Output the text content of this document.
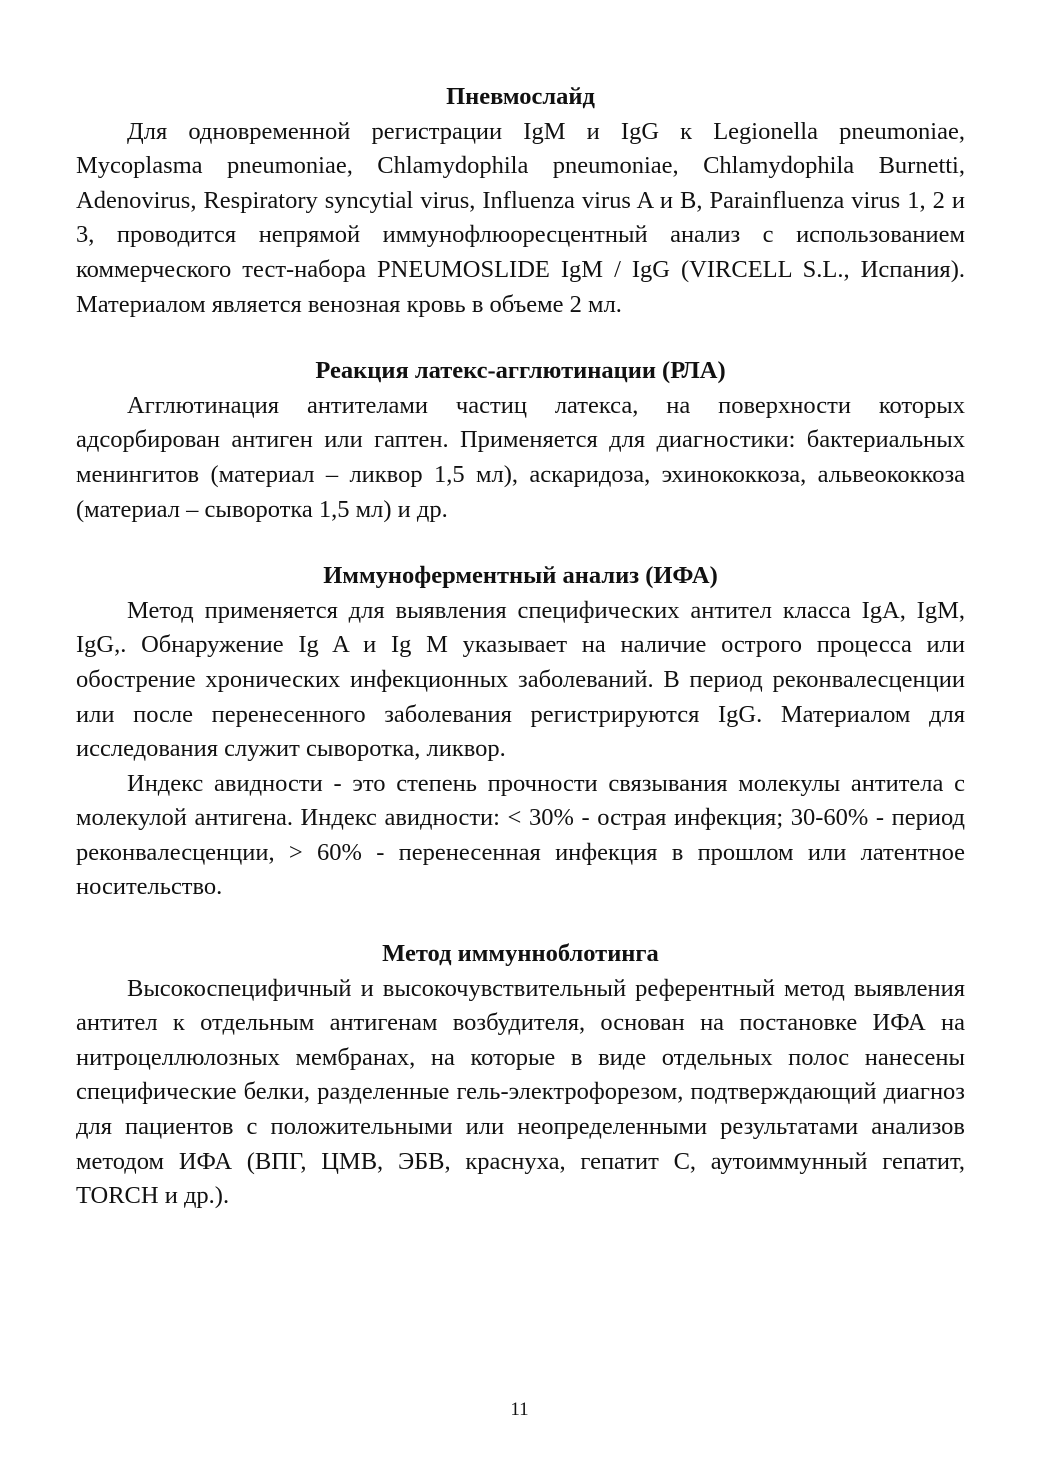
Пневмослайд

Для одновременной регистрации IgM и IgG к Legionella pneumoniae, Mycoplasma pneumoniae, Chlamydophila pneumoniae, Chlamydophila Burnetti, Adenovirus, Respiratory syncytial virus, Influenza virus A и B, Parainfluenza virus 1, 2 и 3, проводится непрямой иммунофлюоресцентный анализ с использованием коммерческого тест-набора PNEUMOSLIDE IgM / IgG (VIRCELL S.L., Испания). Материалом является венозная кровь в объеме 2 мл.

Реакция латекс-агглютинации (РЛА)

Агглютинация антителами частиц латекса, на поверхности которых адсорбирован антиген или гаптен. Применяется для диагностики: бактериальных менингитов (материал – ликвор 1,5 мл), аскаридоза, эхинококкоза, альвеококкоза (материал – сыворотка 1,5 мл) и др.

Иммуноферментный анализ (ИФА)

Метод применяется для выявления специфических антител класса IgA, IgM, IgG,. Обнаружение Ig A и Ig M указывает на наличие острого процесса или обострение хронических инфекционных заболеваний. В период реконвалесценции или после перенесенного заболевания регистрируются IgG. Материалом для исследования служит сыворотка, ликвор.

Индекс авидности - это степень прочности связывания молекулы антитела с молекулой антигена. Индекс авидности: < 30% - острая инфекция; 30-60% - период реконвалесценции, > 60% - перенесенная инфекция в прошлом или латентное носительство.

Метод иммунноблотинга

Высокоспецифичный и высокочувствительный референтный метод выявления антител к отдельным антигенам возбудителя, основан на постановке ИФА на нитроцеллюлозных мембранах, на которые в виде отдельных полос нанесены специфические белки, разделенные гель-электрофорезом, подтверждающий диагноз для пациентов с положительными или неопределенными результатами анализов методом ИФА (ВПГ, ЦМВ, ЭБВ, краснуха, гепатит С, аутоиммунный гепатит, TORCH и др.).

11
